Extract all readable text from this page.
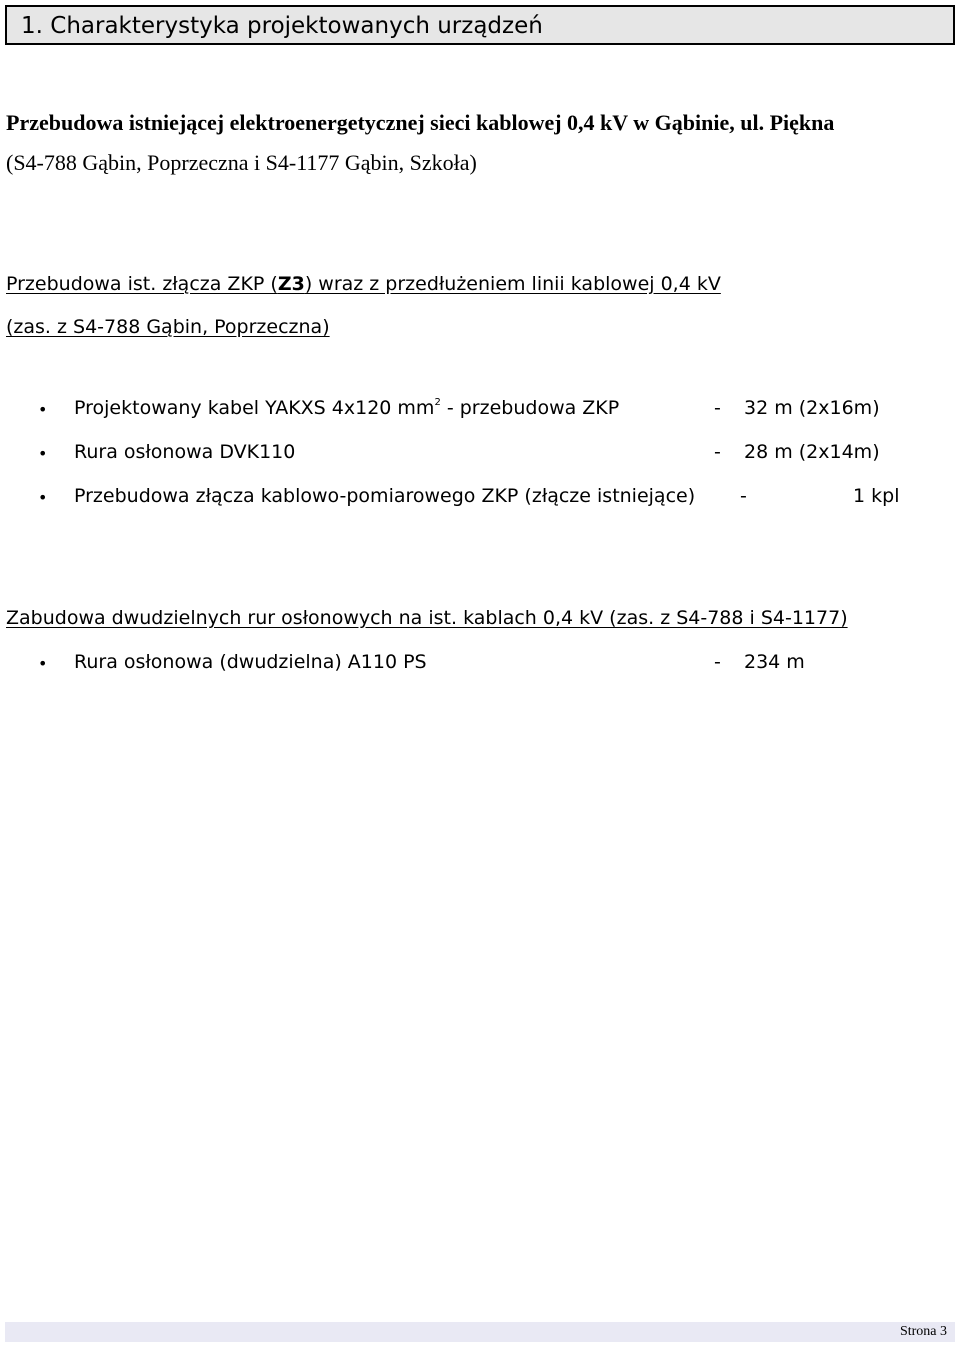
1. Charakterystyka projektowanych urządzeń
Przebudowa istniejącej elektroenergetycznej sieci kablowej 0,4 kV w Gąbinie, ul. Piękna
(S4-788 Gąbin, Poprzeczna i S4-1177 Gąbin, Szkoła)
Przebudowa ist. złącza ZKP (Z3) wraz z przedłużeniem linii kablowej 0,4 kV
(zas. z S4-788 Gąbin, Poprzeczna)
• Projektowany kabel YAKXS 4x120 $mm^2$ - przebudowa ZKP	- 32 m (2x16m)
• Rura osłonowa DVK110	- 28 m (2x14m)
• Przebudowa złącza kablowo-pomiarowego ZKP (złącze istniejące) -	1 kpl
Zabudowa dwudzielnych rur osłonowych na ist. kablach 0,4 kV (zas. z S4-788 i S4-1177)
• Rura osłonowa (dwudzielna) A110 PS	- 234 m
Strona 3
